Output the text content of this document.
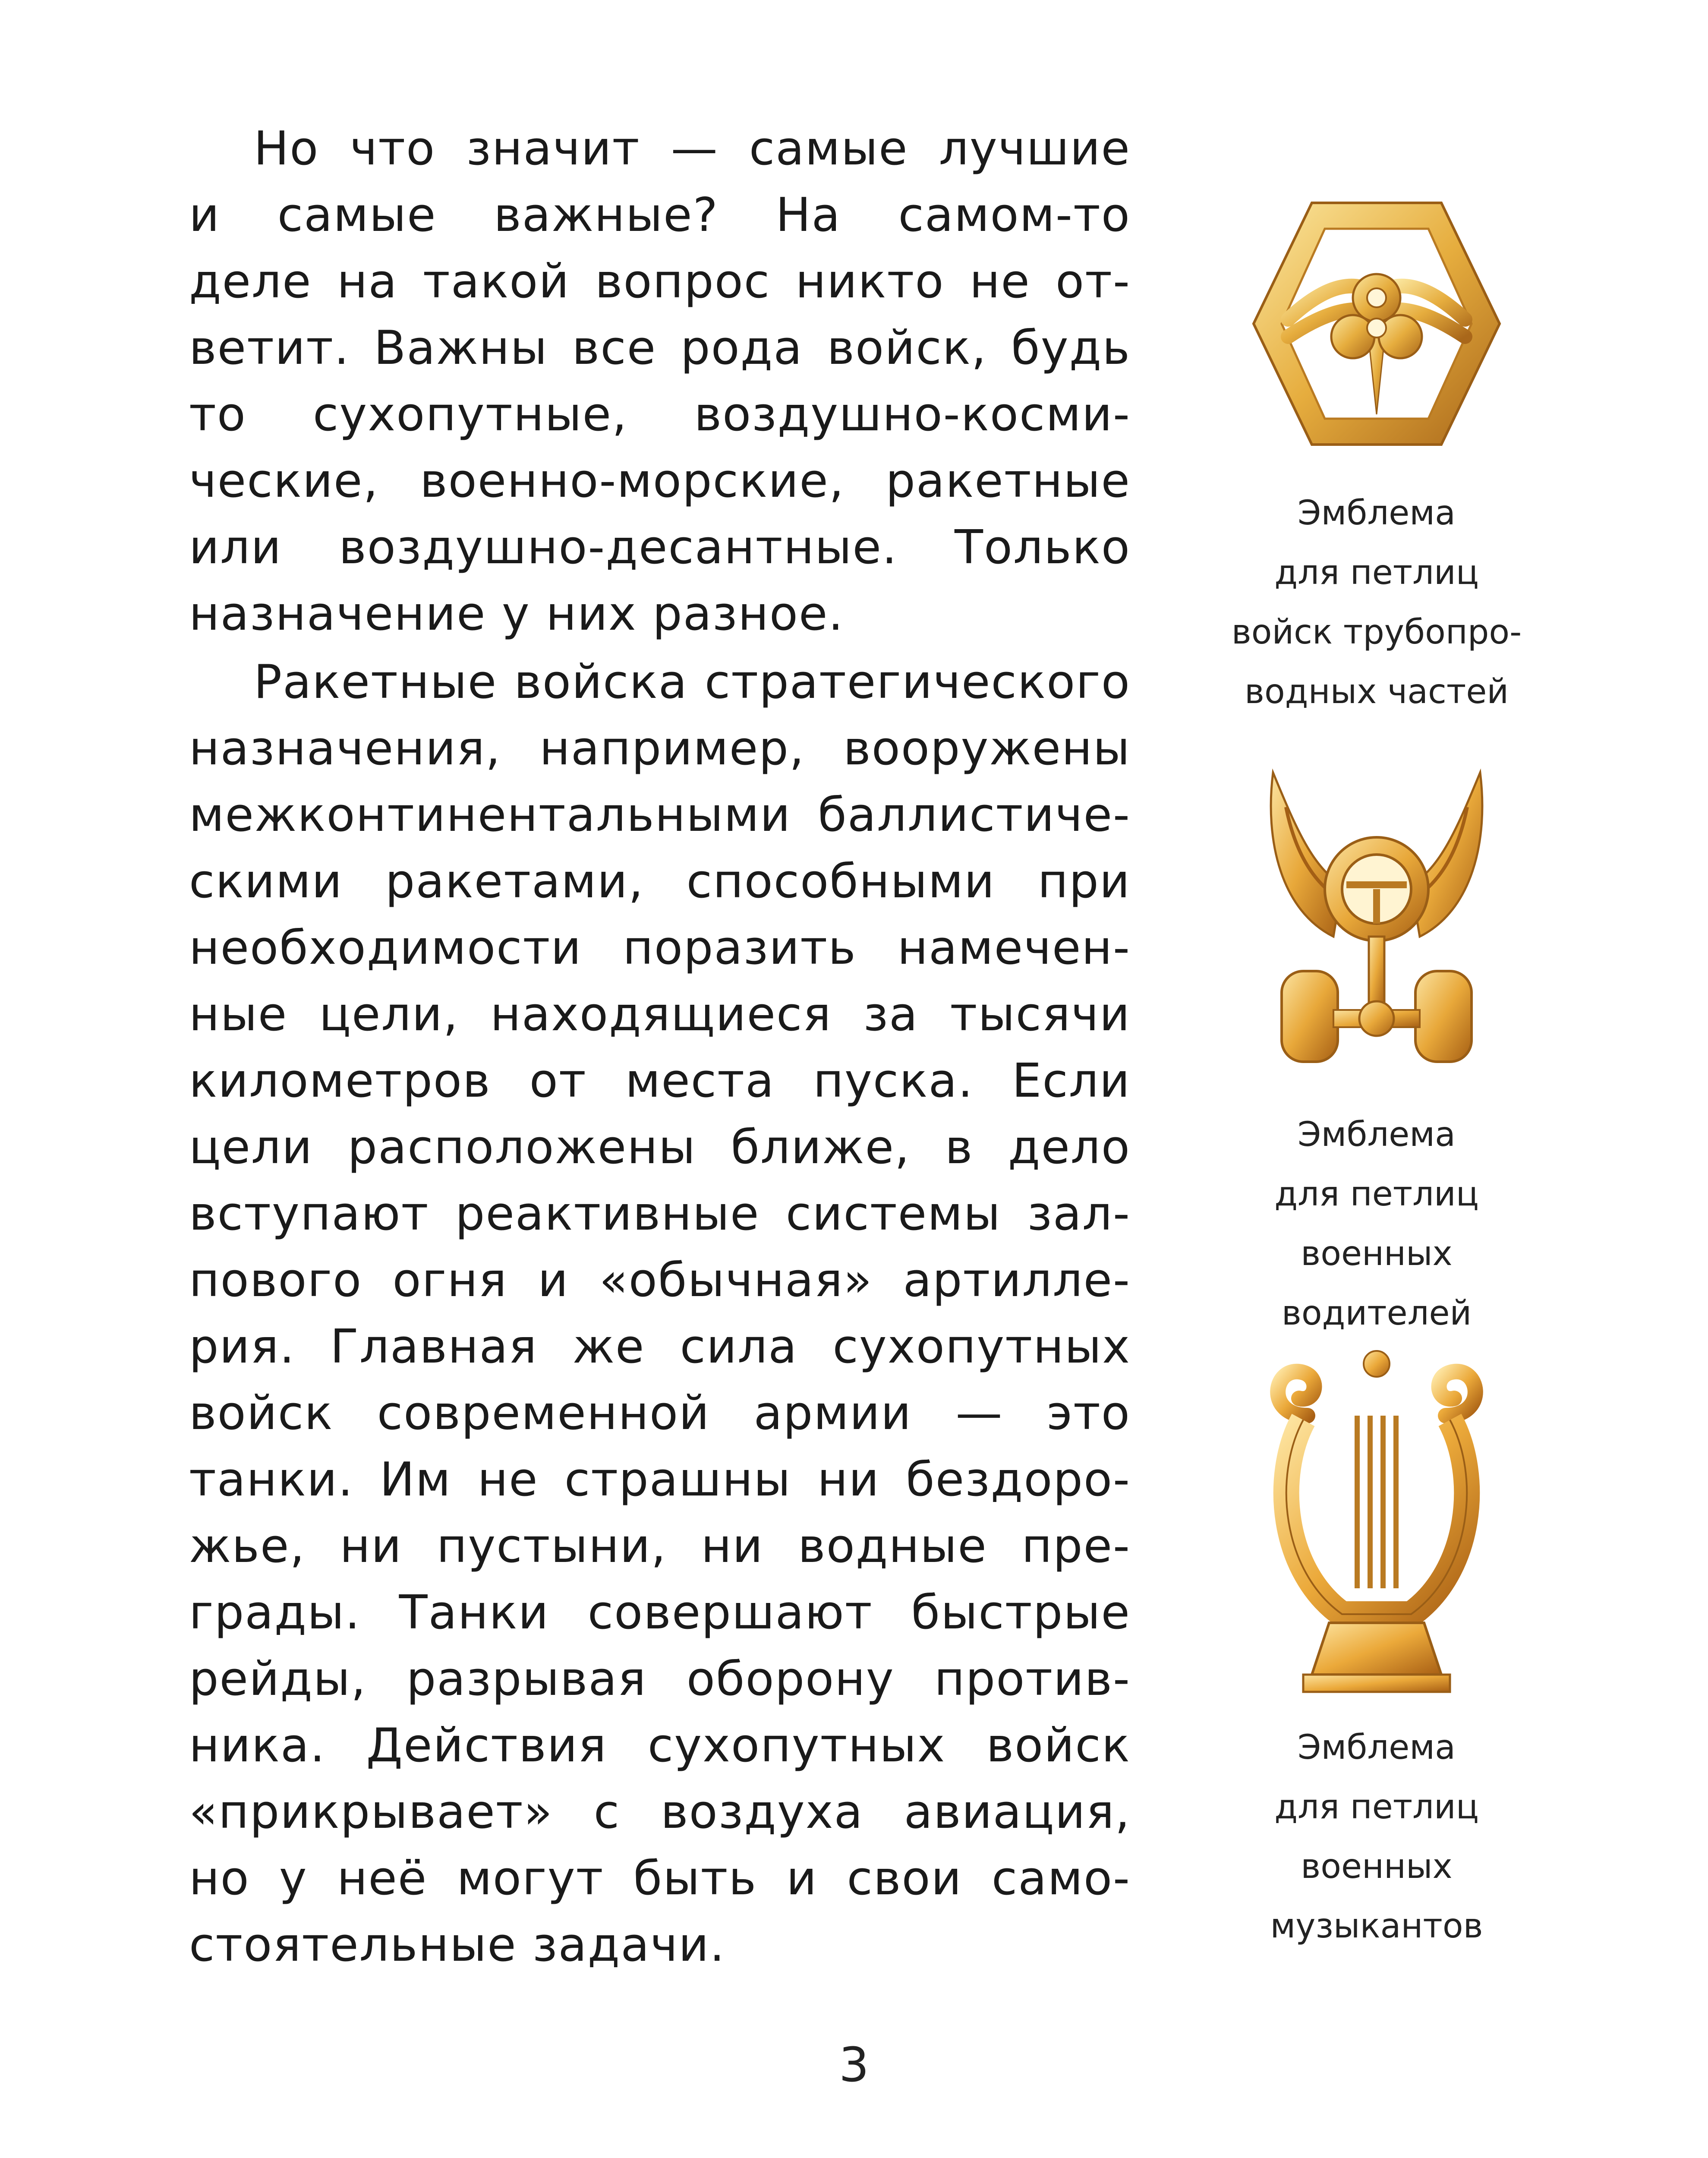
Но что значит — самые лучшие
и самые важные? На самом-то
деле на такой вопрос никто не от-
ветит. Важны все рода войск, будь
то сухопутные, воздушно-косми-
ческие, военно-морские, ракетные
или воздушно-десантные. Только
назначение у них разное.
Ракетные войска стратегического
назначения, например, вооружены
межконтинентальными баллистиче-
скими ракетами, способными при
необходимости поразить намечен-
ные цели, находящиеся за тысячи
километров от места пуска. Если
цели расположены ближе, в дело
вступают реактивные системы зал-
пового огня и «обычная» артилле-
рия. Главная же сила сухопутных
войск современной армии — это
танки. Им не страшны ни бездоро-
жье, ни пустыни, ни водные пре-
грады. Танки совершают быстрые
рейды, разрывая оборону против-
ника. Действия сухопутных войск
«прикрывает» с воздуха авиация,
но у неё могут быть и свои само-
стоятельные задачи.
Эмблема
для петлиц
войск трубопро-
водных частей
Эмблема
для петлиц
военных
водителей
Эмблема
для петлиц
военных
музыкантов
3
